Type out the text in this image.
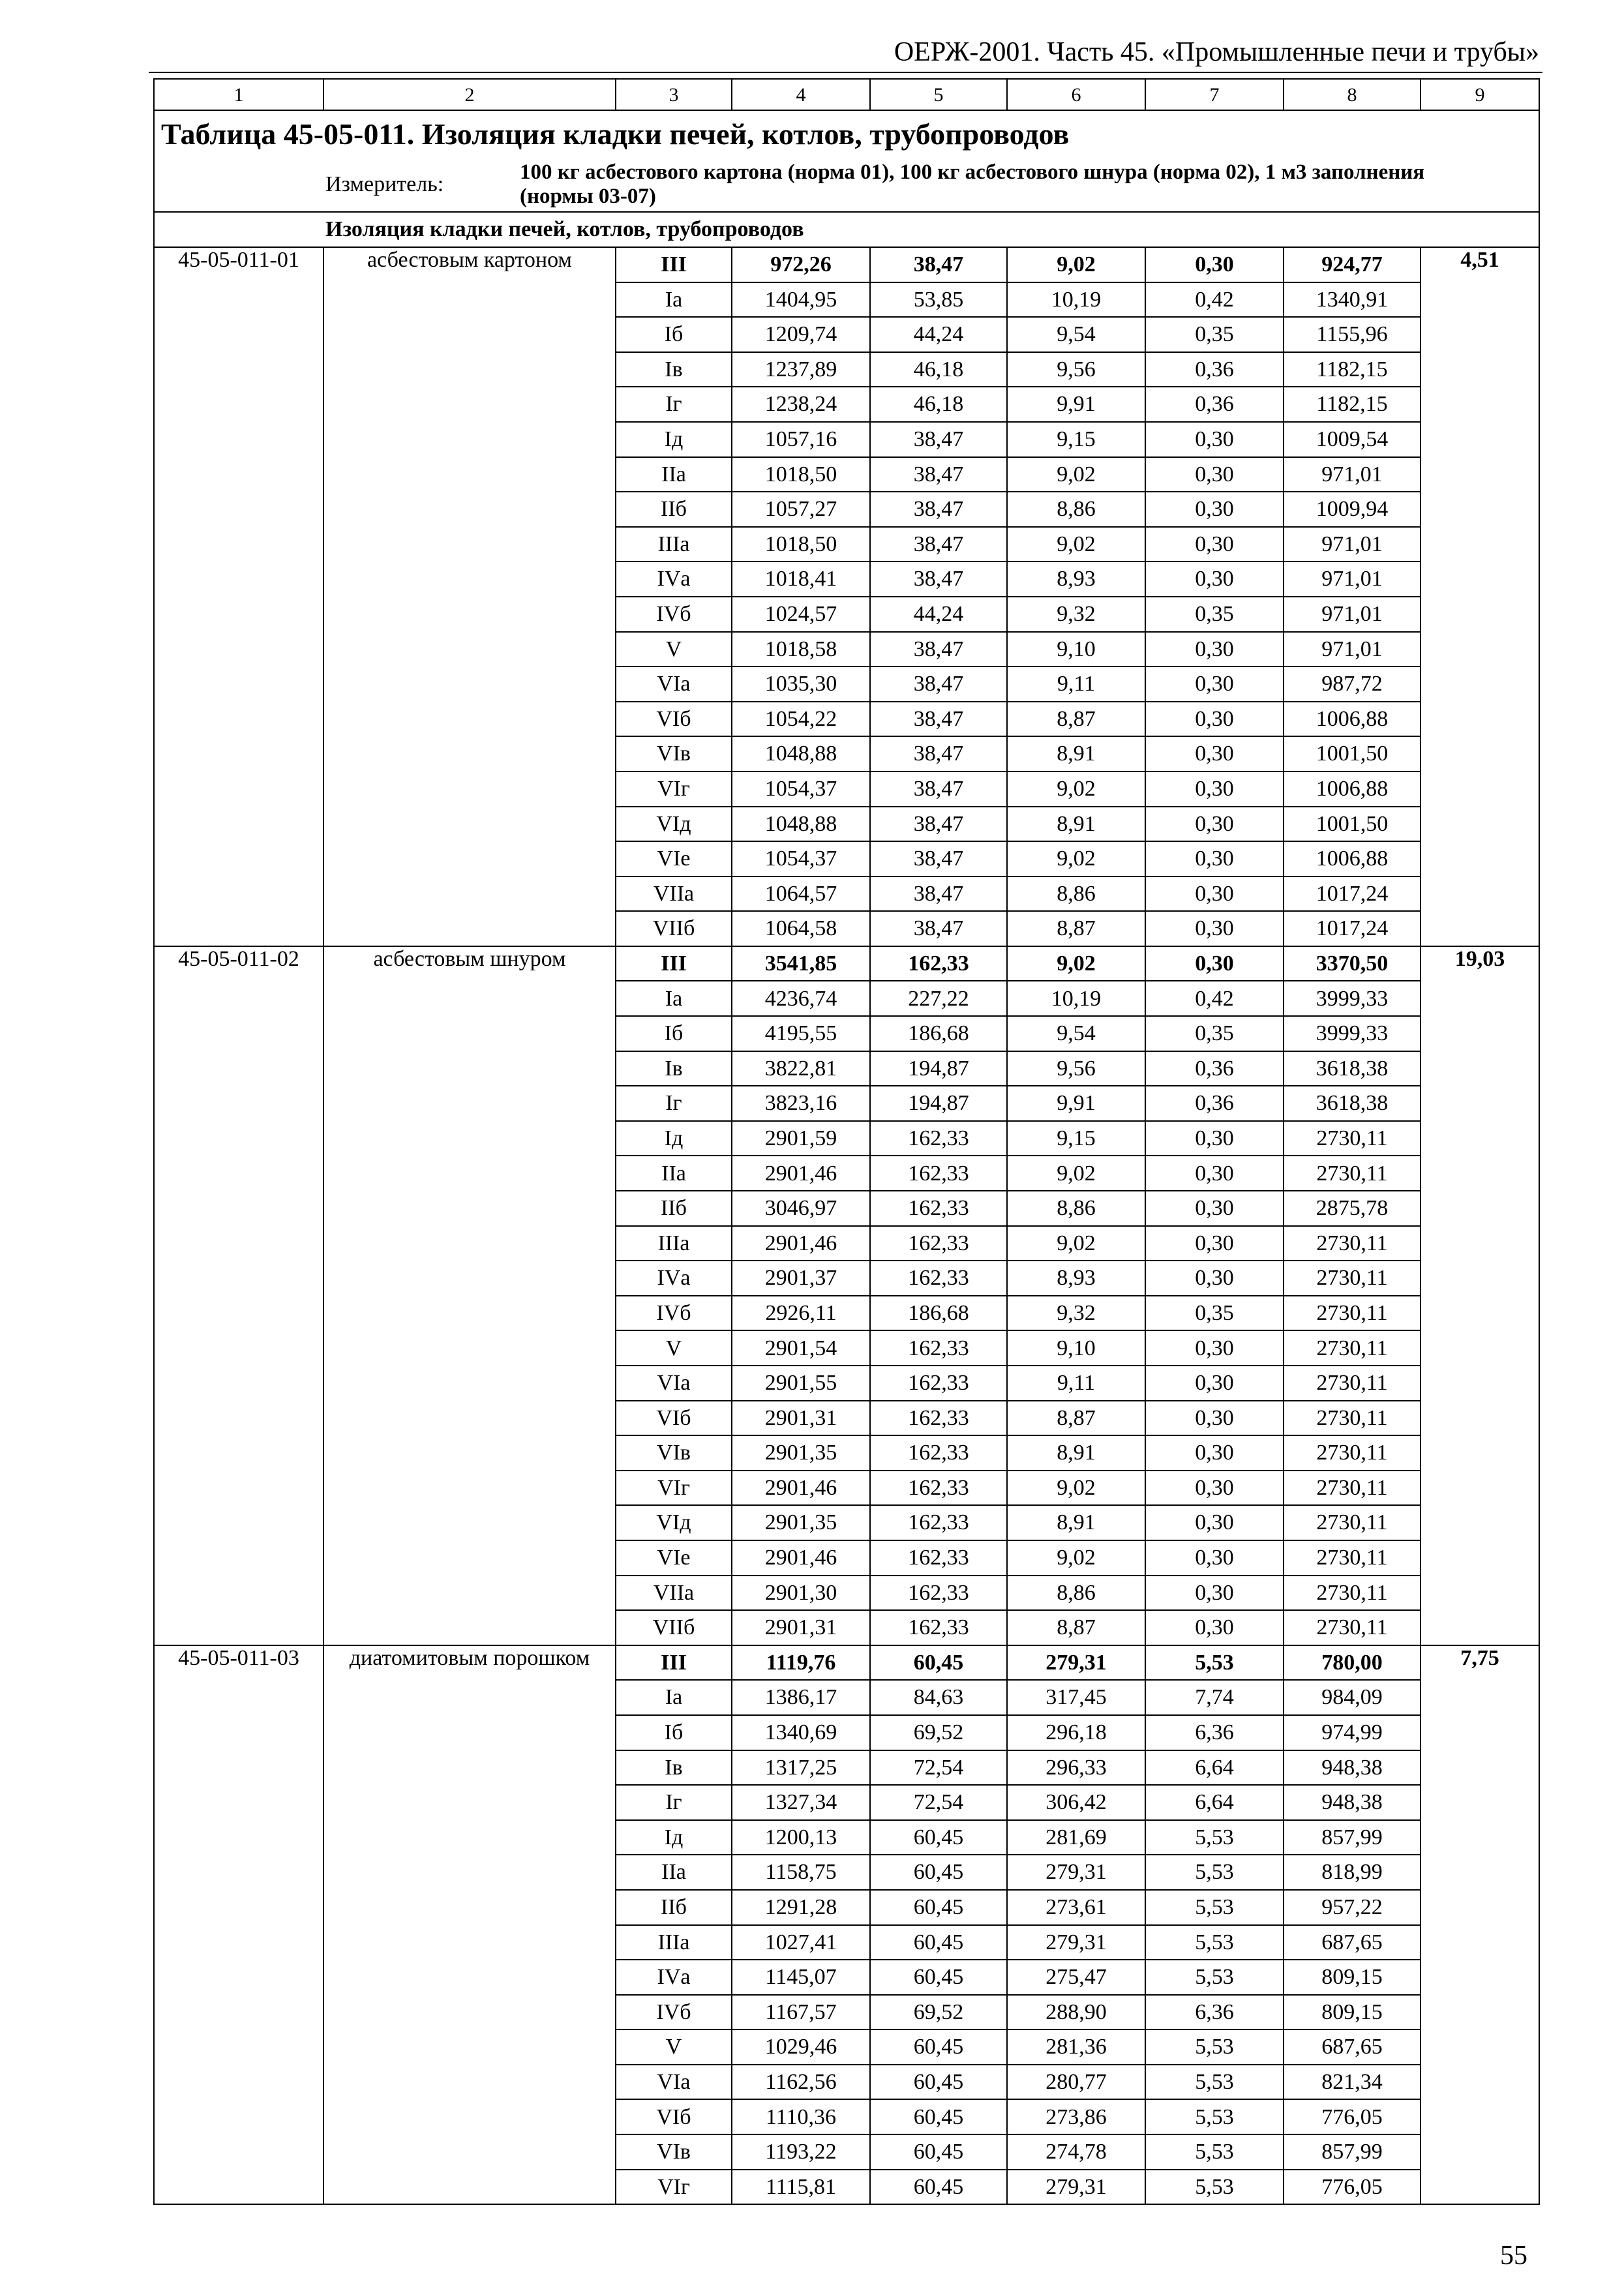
ОЕРЖ-2001. Часть 45. «Промышленные печи и трубы»
1	2	3	4	5	6	7	8	9
Таблица 45-05-011. Изоляция кладки печей, котлов, трубопроводов								

Измеритель:
100 кг асбестового картона (норма 01), 100 кг асбестового шнура (норма 02), 1 м3 заполнения (нормы 03-07)								

Изоляция кладки печей, котлов, трубопроводов								
45-05-011-01	асбестовым картоном	III	972,26	38,47	9,02	0,30	924,77	4,51
		Iа	1404,95	53,85	10,19	0,42	1340,91	
		Iб	1209,74	44,24	9,54	0,35	1155,96	
		Iв	1237,89	46,18	9,56	0,36	1182,15	
		Iг	1238,24	46,18	9,91	0,36	1182,15	
		Iд	1057,16	38,47	9,15	0,30	1009,54	
		IIа	1018,50	38,47	9,02	0,30	971,01	
		IIб	1057,27	38,47	8,86	0,30	1009,94	
		IIIа	1018,50	38,47	9,02	0,30	971,01	
		IVа	1018,41	38,47	8,93	0,30	971,01	
		IVб	1024,57	44,24	9,32	0,35	971,01	
		V	1018,58	38,47	9,10	0,30	971,01	
		VIа	1035,30	38,47	9,11	0,30	987,72	
		VIб	1054,22	38,47	8,87	0,30	1006,88	
		VIв	1048,88	38,47	8,91	0,30	1001,50	
		VIг	1054,37	38,47	9,02	0,30	1006,88	
		VIд	1048,88	38,47	8,91	0,30	1001,50	
		VIе	1054,37	38,47	9,02	0,30	1006,88	
		VIIа	1064,57	38,47	8,86	0,30	1017,24	
		VIIб	1064,58	38,47	8,87	0,30	1017,24	
45-05-011-02	асбестовым шнуром	III	3541,85	162,33	9,02	0,30	3370,50	19,03
		Iа	4236,74	227,22	10,19	0,42	3999,33	
		Iб	4195,55	186,68	9,54	0,35	3999,33	
		Iв	3822,81	194,87	9,56	0,36	3618,38	
		Iг	3823,16	194,87	9,91	0,36	3618,38	
		Iд	2901,59	162,33	9,15	0,30	2730,11	
		IIа	2901,46	162,33	9,02	0,30	2730,11	
		IIб	3046,97	162,33	8,86	0,30	2875,78	
		IIIа	2901,46	162,33	9,02	0,30	2730,11	
		IVа	2901,37	162,33	8,93	0,30	2730,11	
		IVб	2926,11	186,68	9,32	0,35	2730,11	
		V	2901,54	162,33	9,10	0,30	2730,11	
		VIа	2901,55	162,33	9,11	0,30	2730,11	
		VIб	2901,31	162,33	8,87	0,30	2730,11	
		VIв	2901,35	162,33	8,91	0,30	2730,11	
		VIг	2901,46	162,33	9,02	0,30	2730,11	
		VIд	2901,35	162,33	8,91	0,30	2730,11	
		VIе	2901,46	162,33	9,02	0,30	2730,11	
		VIIа	2901,30	162,33	8,86	0,30	2730,11	
		VIIб	2901,31	162,33	8,87	0,30	2730,11	
45-05-011-03	диатомитовым порошком	III	1119,76	60,45	279,31	5,53	780,00	7,75
		Iа	1386,17	84,63	317,45	7,74	984,09	
		Iб	1340,69	69,52	296,18	6,36	974,99	
		Iв	1317,25	72,54	296,33	6,64	948,38	
		Iг	1327,34	72,54	306,42	6,64	948,38	
		Iд	1200,13	60,45	281,69	5,53	857,99	
		IIа	1158,75	60,45	279,31	5,53	818,99	
		IIб	1291,28	60,45	273,61	5,53	957,22	
		IIIа	1027,41	60,45	279,31	5,53	687,65	
		IVа	1145,07	60,45	275,47	5,53	809,15	
		IVб	1167,57	69,52	288,90	6,36	809,15	
		V	1029,46	60,45	281,36	5,53	687,65	
		VIа	1162,56	60,45	280,77	5,53	821,34	
		VIб	1110,36	60,45	273,86	5,53	776,05	
		VIв	1193,22	60,45	274,78	5,53	857,99	
		VIг	1115,81	60,45	279,31	5,53	776,05	
55
